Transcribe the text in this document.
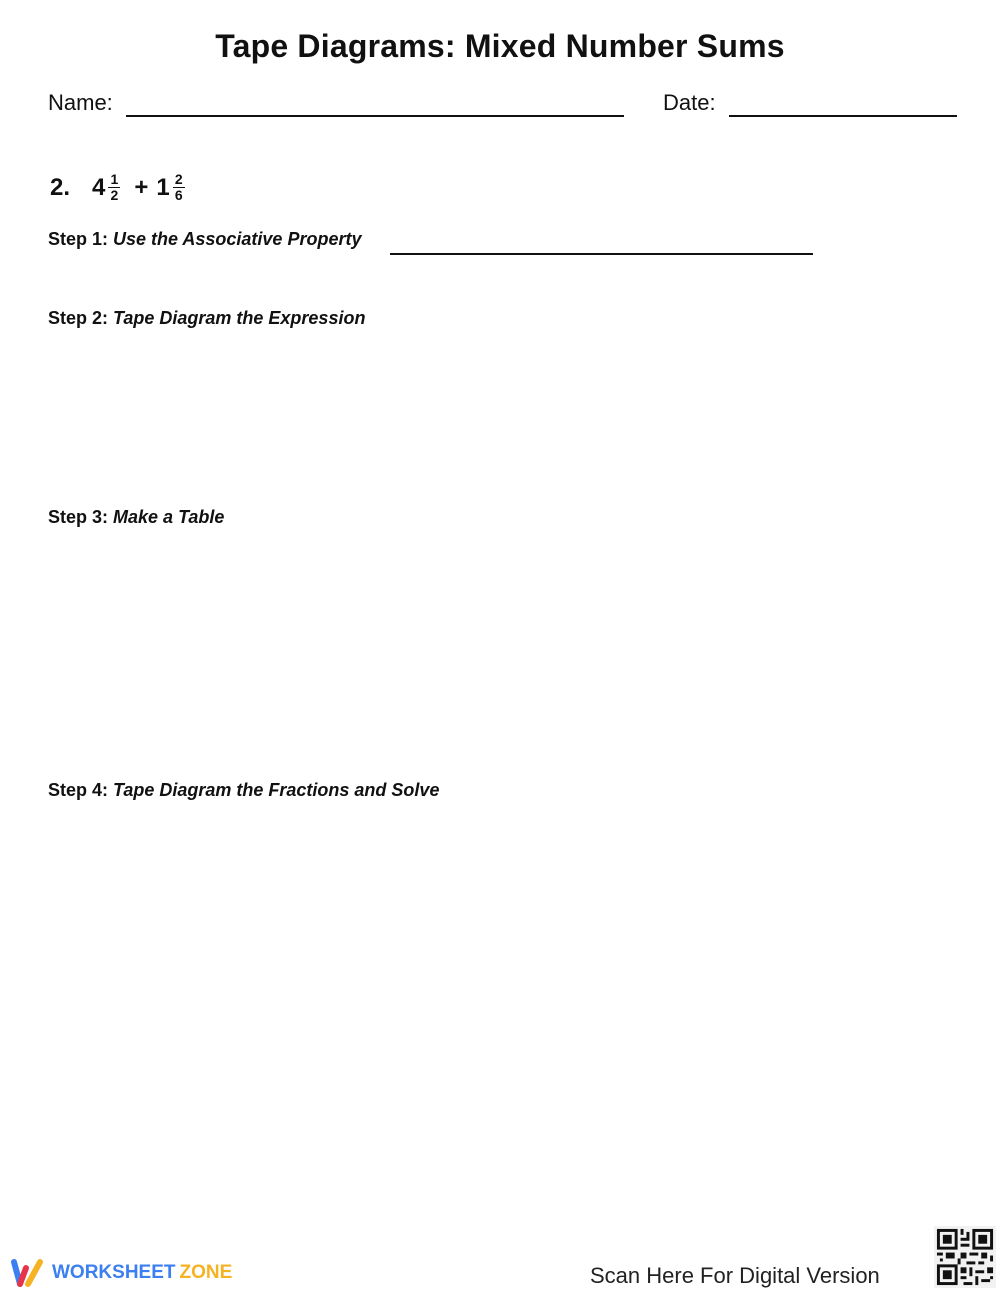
Tape Diagrams: Mixed Number Sums
Name:	Date:
2. $4 \frac{1}{2} + 1 \frac{2}{6}$
Step 1: Use the Associative Property
Step 2: Tape Diagram the Expression
Step 3: Make a Table
Step 4: Tape Diagram the Fractions and Solve
WORKSHEET ZONE	Scan Here For Digital Version
